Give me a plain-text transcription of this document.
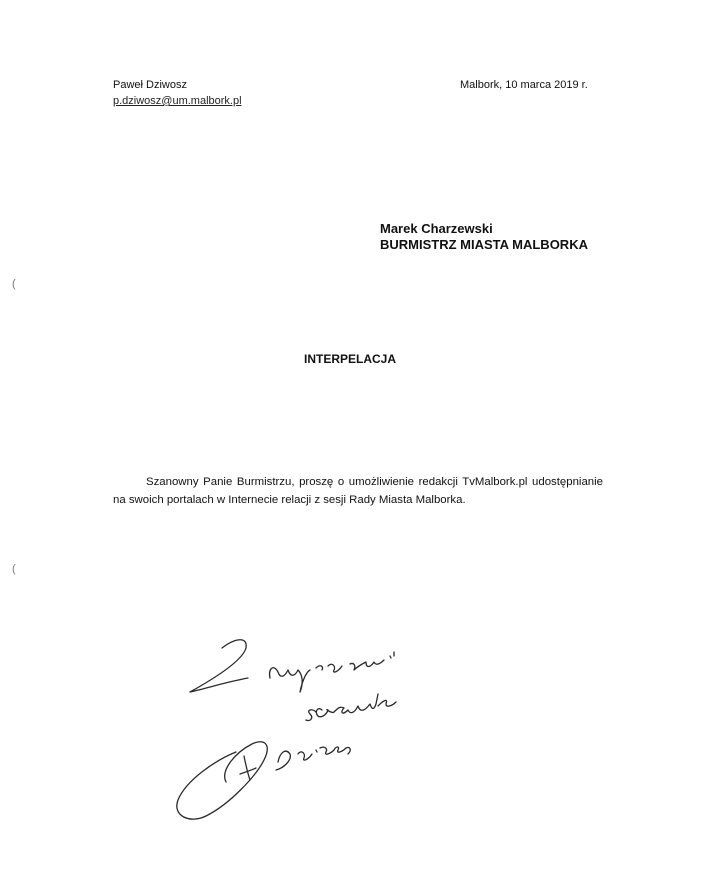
Paweł Dziwosz
p.dziwosz@um.malbork.pl
Malbork, 10 marca 2019 r.
Marek Charzewski
BURMISTRZ MIASTA MALBORKA
INTERPELACJA
Szanowny Panie Burmistrzu, proszę o umożliwienie redakcji TvMalbork.pl udostępnianie na swoich portalach w Internecie relacji z sesji Rady Miasta Malborka.
(
(
